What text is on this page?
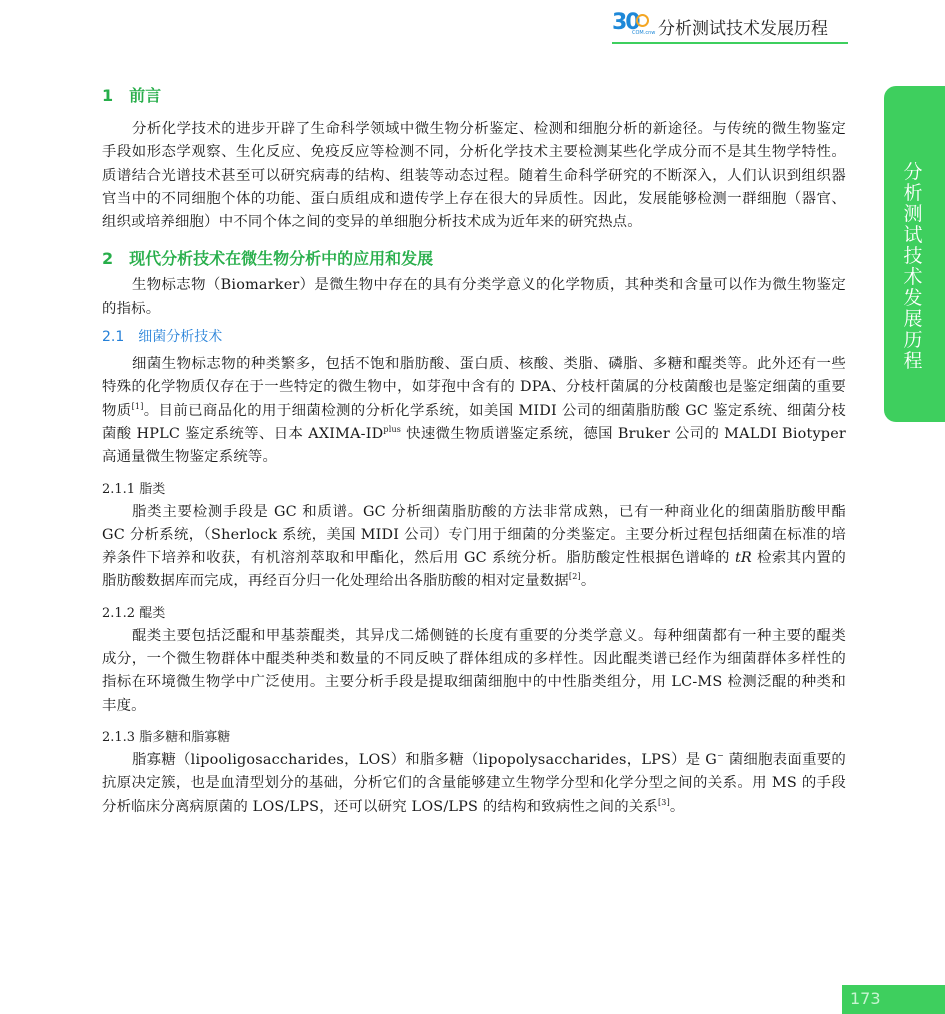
30
COM.cnw 分析测试技术发展历程
分析测试技术发展历程
1　前言

分析化学技术的进步开辟了生命科学领域中微生物分析鉴定、检测和细胞分析的新途径。与传统的微生物鉴定手段如形态学观察、生化反应、免疫反应等检测不同，分析化学技术主要检测某些化学成分而不是其生物学特性。质谱结合光谱技术甚至可以研究病毒的结构、组装等动态过程。随着生命科学研究的不断深入，人们认识到组织器官当中的不同细胞个体的功能、蛋白质组成和遗传学上存在很大的异质性。因此，发展能够检测一群细胞（器官、组织或培养细胞）中不同个体之间的变异的单细胞分析技术成为近年来的研究热点。

2　现代分析技术在微生物分析中的应用和发展

生物标志物（Biomarker）是微生物中存在的具有分类学意义的化学物质，其种类和含量可以作为微生物鉴定的指标。

2.1　细菌分析技术

细菌生物标志物的种类繁多，包括不饱和脂肪酸、蛋白质、核酸、类脂、磷脂、多糖和醌类等。此外还有一些特殊的化学物质仅存在于一些特定的微生物中，如芽孢中含有的 DPA、分枝杆菌属的分枝菌酸也是鉴定细菌的重要物质[1]。目前已商品化的用于细菌检测的分析化学系统，如美国 MIDI 公司的细菌脂肪酸 GC 鉴定系统、细菌分枝菌酸 HPLC 鉴定系统等、日本 AXIMA-$ID^{plus}$ 快速微生物质谱鉴定系统，德国 Bruker 公司的 MALDI Biotyper 高通量微生物鉴定系统等。

2.1.1 脂类

脂类主要检测手段是 GC 和质谱。GC 分析细菌脂肪酸的方法非常成熟，已有一种商业化的细菌脂肪酸甲酯 GC 分析系统，（Sherlock 系统，美国 MIDI 公司）专门用于细菌的分类鉴定。主要分析过程包括细菌在标准的培养条件下培养和收获，有机溶剂萃取和甲酯化，然后用 GC 系统分析。脂肪酸定性根据色谱峰的 tR 检索其内置的脂肪酸数据库而完成，再经百分归一化处理给出各脂肪酸的相对定量数据[2]。

2.1.2 醌类

醌类主要包括泛醌和甲基萘醌类，其异戊二烯侧链的长度有重要的分类学意义。每种细菌都有一种主要的醌类成分，一个微生物群体中醌类种类和数量的不同反映了群体组成的多样性。因此醌类谱已经作为细菌群体多样性的指标在环境微生物学中广泛使用。主要分析手段是提取细菌细胞中的中性脂类组分，用 LC-MS 检测泛醌的种类和丰度。

2.1.3 脂多糖和脂寡糖

脂寡糖（lipooligosaccharides，LOS）和脂多糖（lipopolysaccharides，LPS）是 G− 菌细胞表面重要的抗原决定簇，也是血清型划分的基础，分析它们的含量能够建立生物学分型和化学分型之间的关系。用 MS 的手段分析临床分离病原菌的 LOS/LPS，还可以研究 LOS/LPS 的结构和致病性之间的关系[3]。

173
